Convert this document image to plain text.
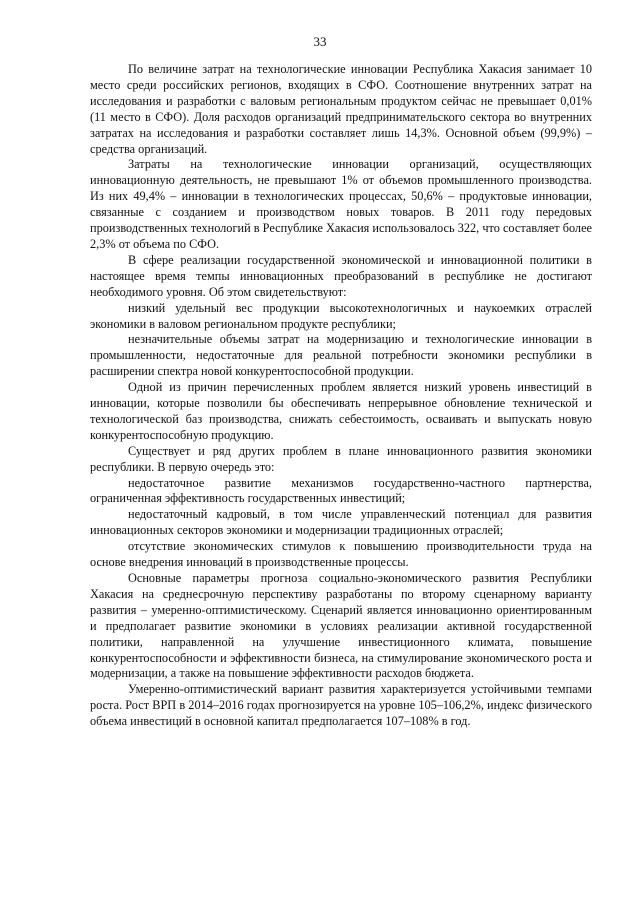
33

По величине затрат на технологические инновации Республика Хакасия занимает 10 место среди российских регионов, входящих в СФО. Соотношение внутренних затрат на исследования и разработки с валовым региональным продуктом сейчас не превышает 0,01% (11 место в СФО). Доля расходов организаций предпринимательского сектора во внутренних затратах на исследования и разработки составляет лишь 14,3%. Основной объем (99,9%) – средства организаций.

Затраты на технологические инновации организаций, осуществляющих инновационную деятельность, не превышают 1% от объемов промышленного производства. Из них 49,4% – инновации в технологических процессах, 50,6% – продуктовые инновации, связанные с созданием и производством новых товаров. В 2011 году передовых производственных технологий в Республике Хакасия использовалось 322, что составляет более 2,3% от объема по СФО.

В сфере реализации государственной экономической и инновационной политики в настоящее время темпы инновационных преобразований в республике не достигают необходимого уровня. Об этом свидетельствуют:

низкий удельный вес продукции высокотехнологичных и наукоемких отраслей экономики в валовом региональном продукте республики;

незначительные объемы затрат на модернизацию и технологические инновации в промышленности, недостаточные для реальной потребности экономики республики в расширении спектра новой конкурентоспособной продукции.

Одной из причин перечисленных проблем является низкий уровень инвестиций в инновации, которые позволили бы обеспечивать непрерывное обновление технической и технологической баз производства, снижать себестоимость, осваивать и выпускать новую конкурентоспособную продукцию.

Существует и ряд других проблем в плане инновационного развития экономики республики. В первую очередь это:

недостаточное развитие механизмов государственно-частного партнерства, ограниченная эффективность государственных инвестиций;

недостаточный кадровый, в том числе управленческий потенциал для развития инновационных секторов экономики и модернизации традиционных отраслей;

отсутствие экономических стимулов к повышению производительности труда на основе внедрения инноваций в производственные процессы.

Основные параметры прогноза социально-экономического развития Республики Хакасия на среднесрочную перспективу разработаны по второму сценарному варианту развития – умеренно-оптимистическому. Сценарий является инновационно ориентированным и предполагает развитие экономики в условиях реализации активной государственной политики, направленной на улучшение инвестиционного климата, повышение конкурентоспособности и эффективности бизнеса, на стимулирование экономического роста и модернизации, а также на повышение эффективности расходов бюджета.

Умеренно-оптимистический вариант развития характеризуется устойчивыми темпами роста. Рост ВРП в 2014–2016 годах прогнозируется на уровне 105–106,2%, индекс физического объема инвестиций в основной капитал предполагается 107–108% в год.
